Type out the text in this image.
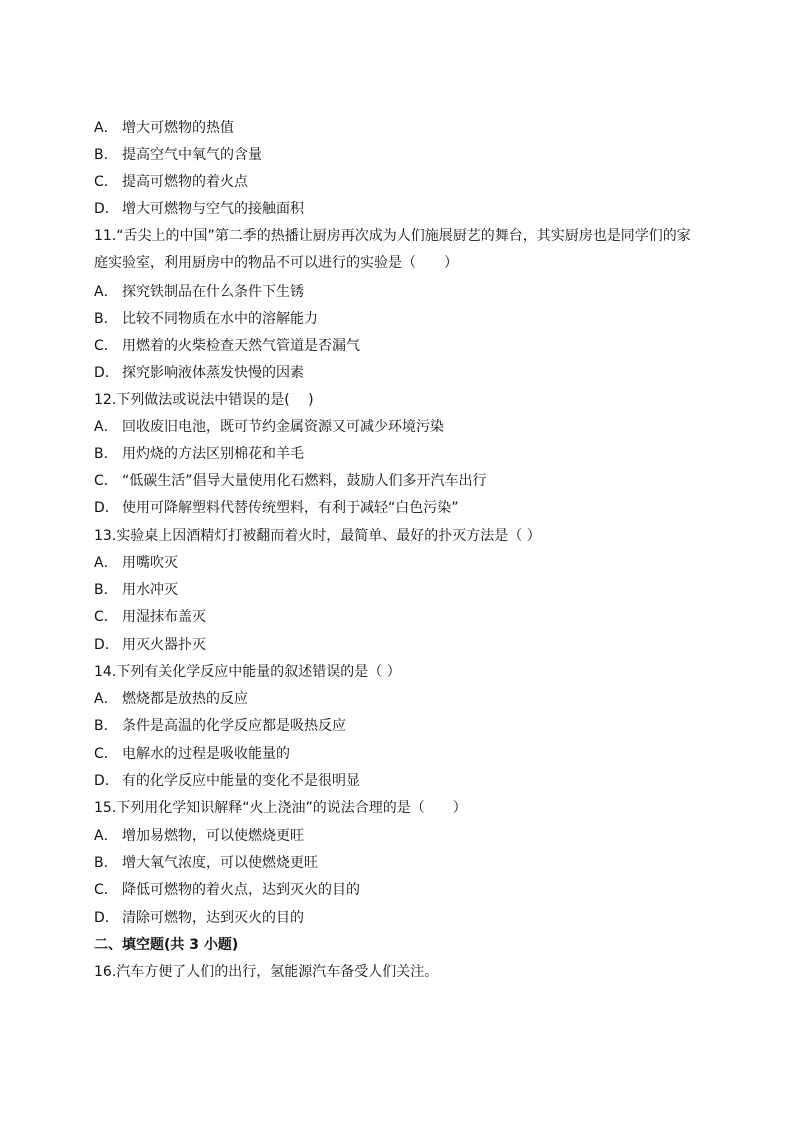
A． 增大可燃物的热值
B． 提高空气中氧气的含量
C． 提高可燃物的着火点
D． 增大可燃物与空气的接触面积
11.“舌尖上的中国”第二季的热播让厨房再次成为人们施展厨艺的舞台，其实厨房也是同学们的家
庭实验室，利用厨房中的物品不可以进行的实验是（　　）
A． 探究铁制品在什么条件下生锈
B． 比较不同物质在水中的溶解能力
C． 用燃着的火柴检查天然气管道是否漏气
D． 探究影响液体蒸发快慢的因素
12.下列做法或说法中错误的是(　 )
A． 回收废旧电池，既可节约金属资源又可减少环境污染
B． 用灼烧的方法区别棉花和羊毛
C． “低碳生活”倡导大量使用化石燃料，鼓励人们多开汽车出行
D． 使用可降解塑料代替传统塑料，有利于减轻“白色污染”
13.实验桌上因酒精灯打被翻而着火时，最简单、最好的扑灭方法是（ ）
A． 用嘴吹灭
B． 用水冲灭
C． 用湿抹布盖灭
D． 用灭火器扑灭
14.下列有关化学反应中能量的叙述错误的是（ ）
A． 燃烧都是放热的反应
B． 条件是高温的化学反应都是吸热反应
C． 电解水的过程是吸收能量的
D． 有的化学反应中能量的变化不是很明显
15.下列用化学知识解释“火上浇油”的说法合理的是（　　）
A． 增加易燃物，可以使燃烧更旺
B． 增大氧气浓度，可以使燃烧更旺
C． 降低可燃物的着火点，达到灭火的目的
D． 清除可燃物，达到灭火的目的
二、填空题(共 3 小题)
16.汽车方便了人们的出行，氢能源汽车备受人们关注。
